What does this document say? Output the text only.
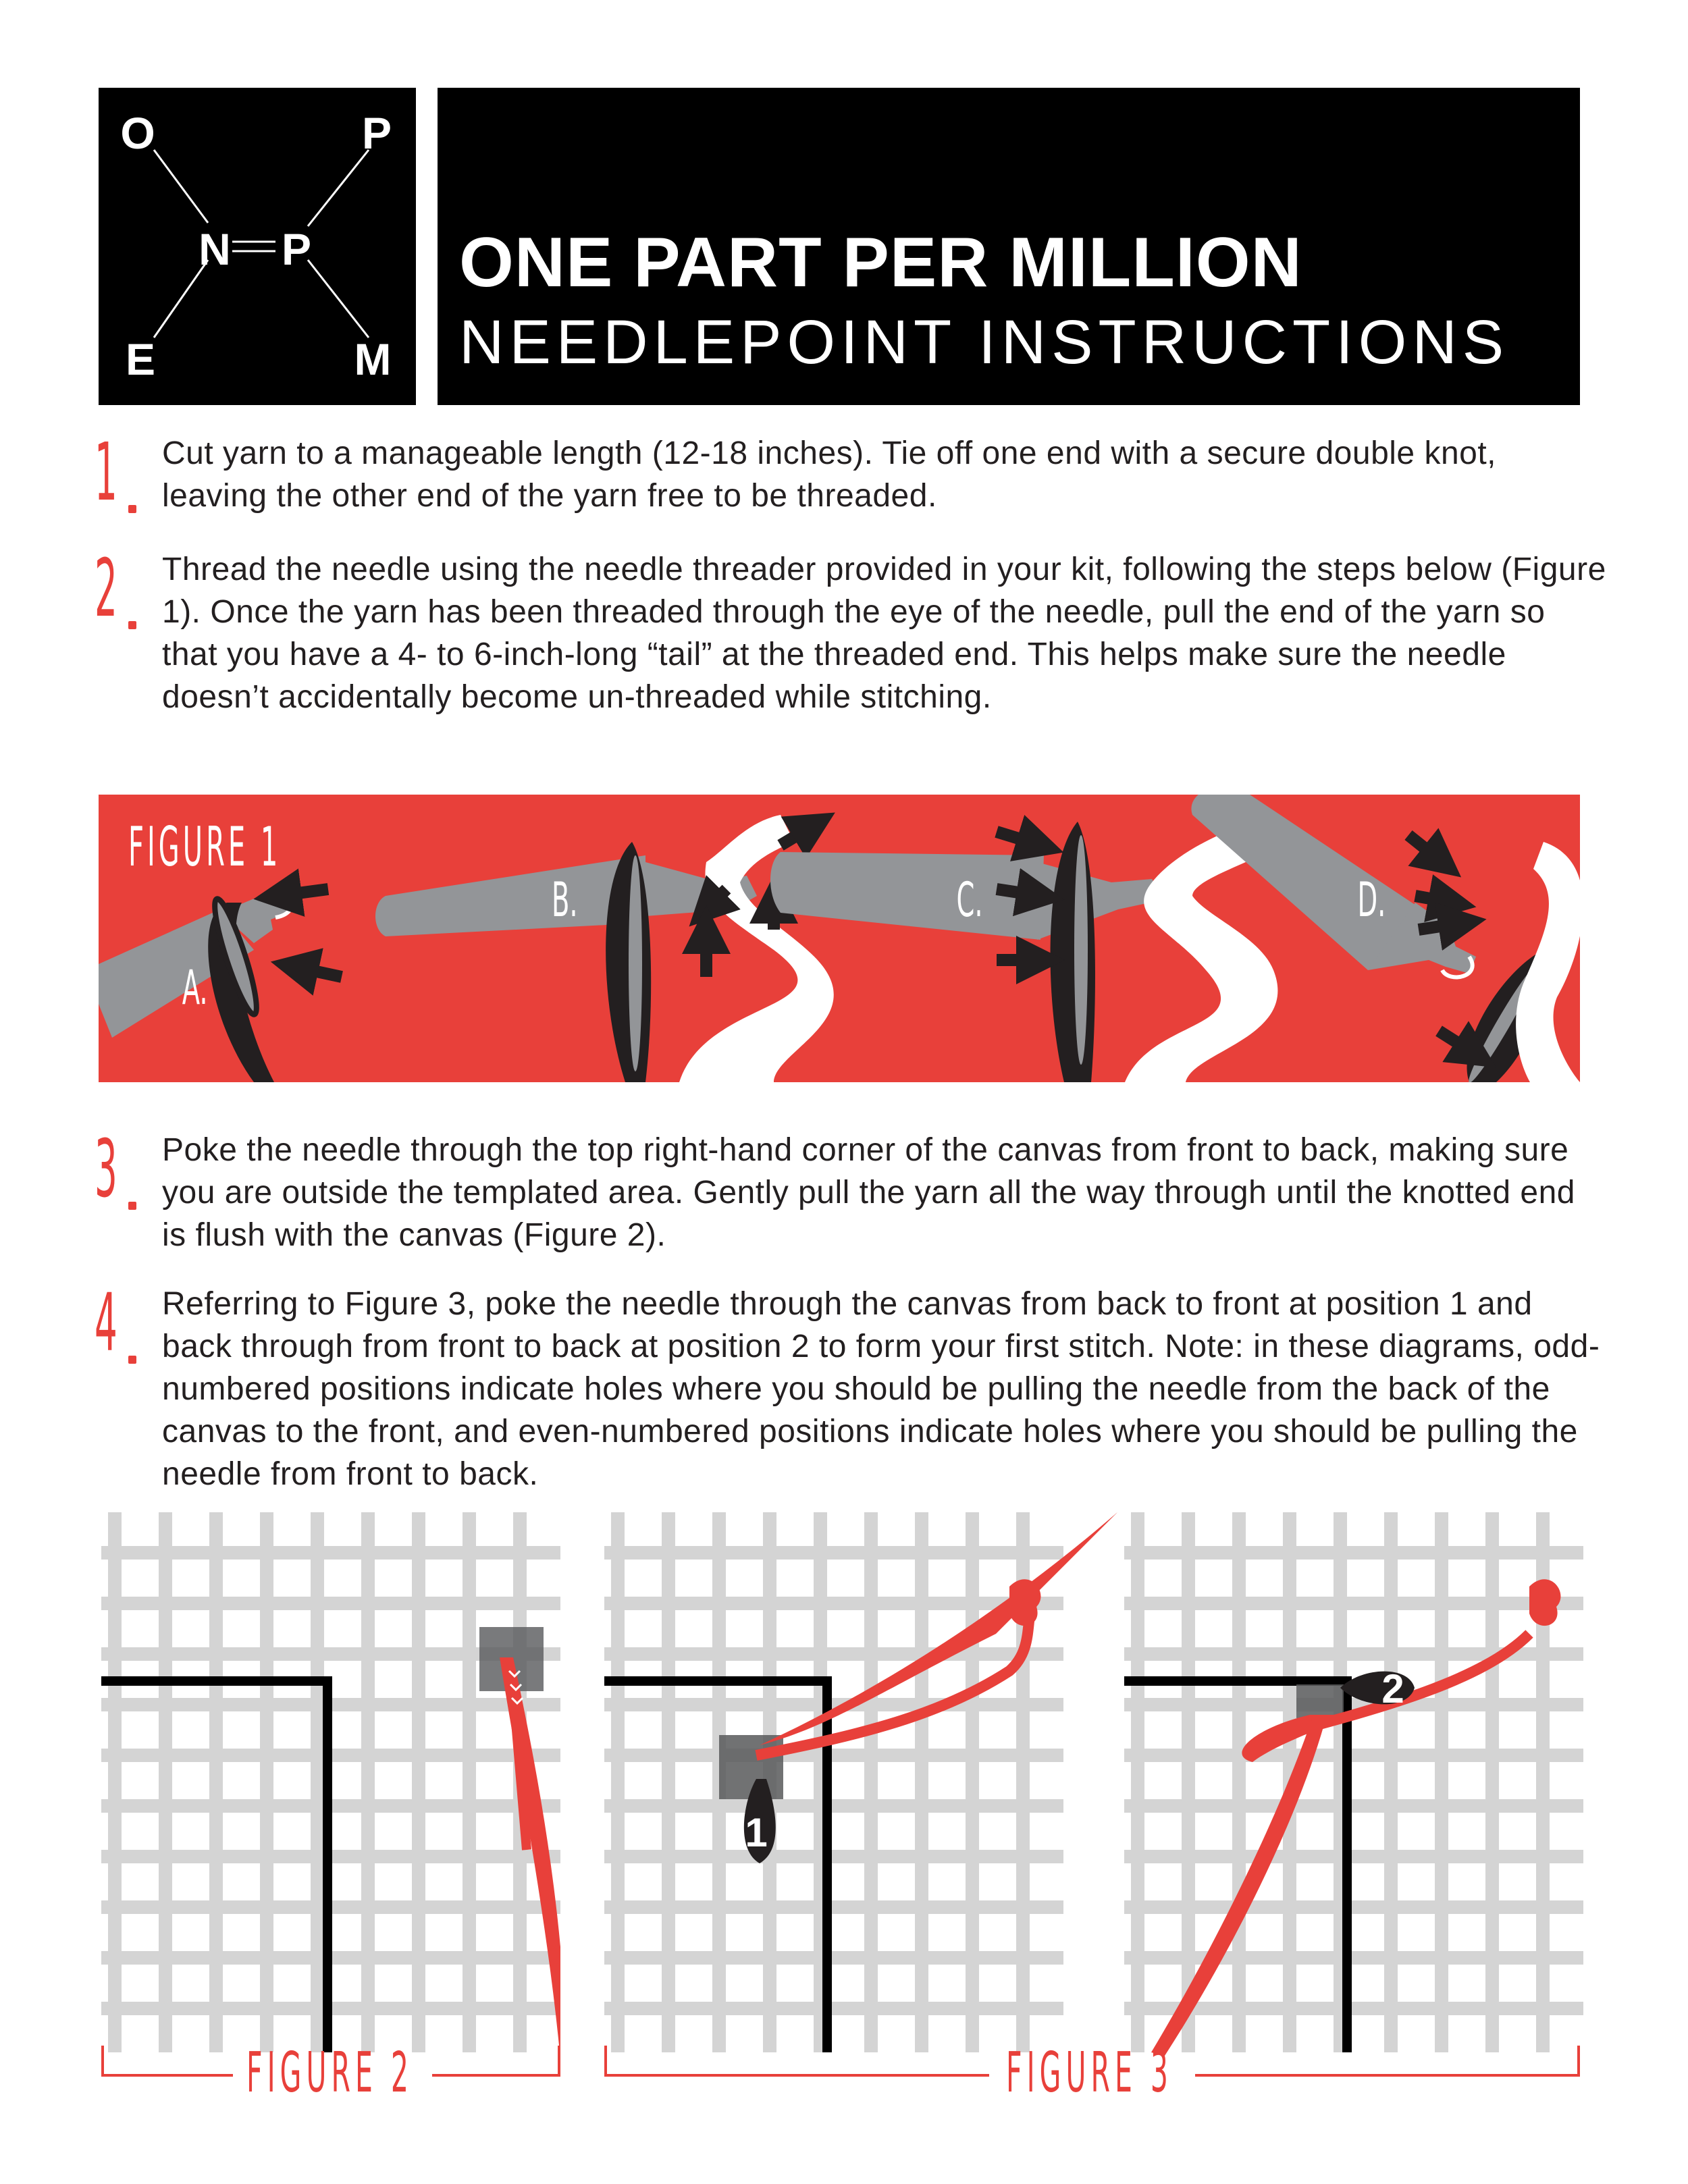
O	P
N P
E	M
ONE PART PER MILLION
NEEDLEPOINT INSTRUCTIONS
1 Cut yarn to a manageable length (12-18 inches). Tie off one end with a secure double knot, leaving the other end of the yarn free to be threaded.
2 Thread the needle using the needle threader provided in your kit, following the steps below (Figure 1). Once the yarn has been threaded through the eye of the needle, pull the end of the yarn so that you have a 4- to 6-inch-long “tail” at the threaded end. This helps make sure the needle doesn’t accidentally become un-threaded while stitching.
A.
B.	C.	D.
FIGURE 1
3 Poke the needle through the top right-hand corner of the canvas from front to back, making sure you are outside the templated area. Gently pull the yarn all the way through until the knotted end is flush with the canvas (Figure 2).
4 Referring to Figure 3, poke the needle through the canvas from back to front at position 1 and back through from front to back at position 2 to form your first stitch. Note: in these diagrams, odd-numbered positions indicate holes where you should be pulling the needle from the back of the canvas to the front, and even-numbered positions indicate holes where you should be pulling the needle from front to back.
1
2
FIGURE 2	FIGURE 3
